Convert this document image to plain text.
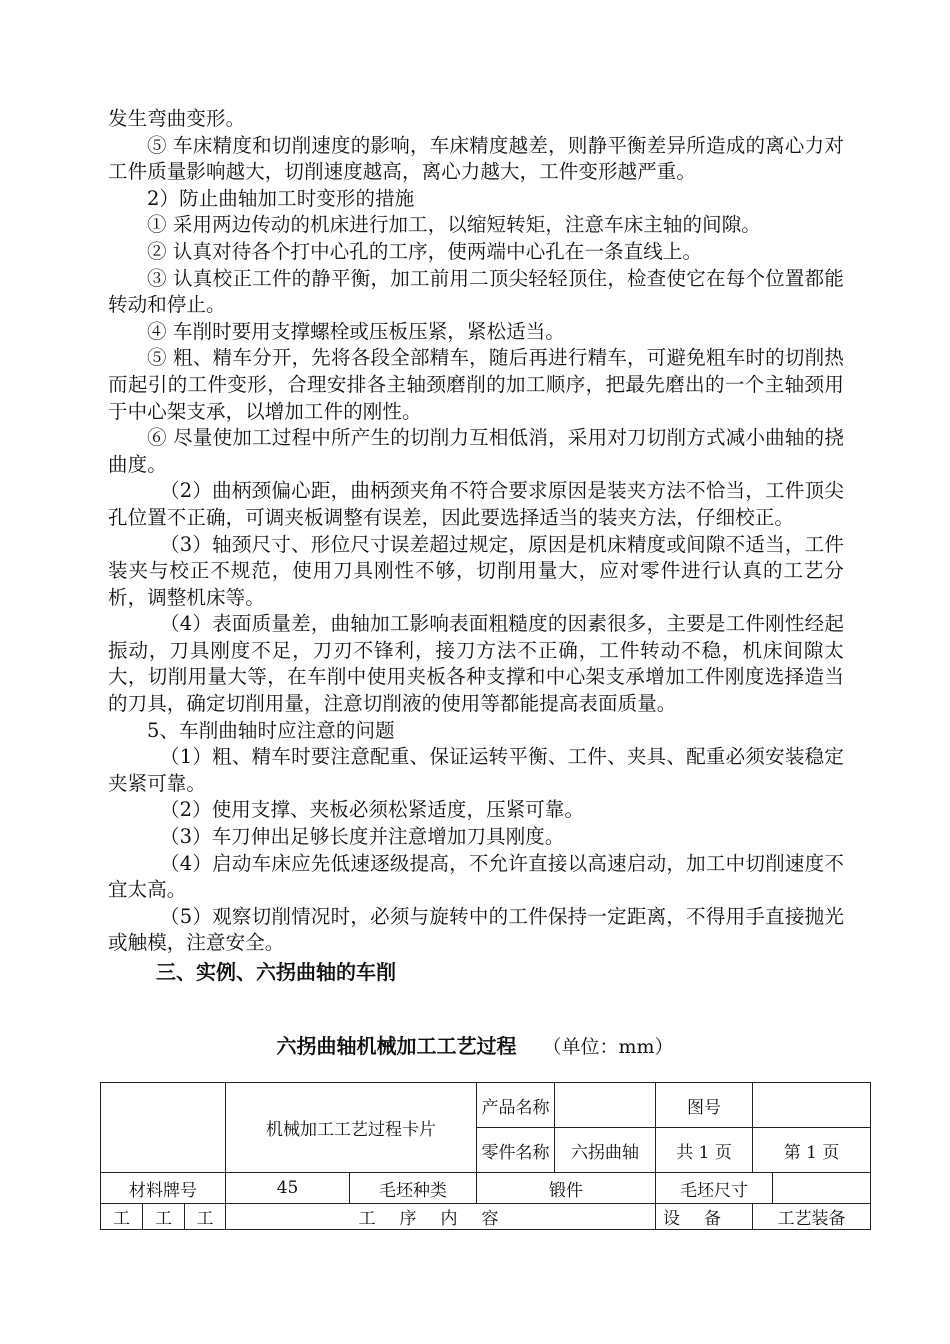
发生弯曲变形。

⑤ 车床精度和切削速度的影响，车床精度越差，则静平衡差异所造成的离心力对工件质量影响越大，切削速度越高，离心力越大，工件变形越严重。

2）防止曲轴加工时变形的措施

① 采用两边传动的机床进行加工，以缩短转矩，注意车床主轴的间隙。

② 认真对待各个打中心孔的工序，使两端中心孔在一条直线上。

③ 认真校正工件的静平衡，加工前用二顶尖轻轻顶住，检查使它在每个位置都能转动和停止。

④ 车削时要用支撑螺栓或压板压紧，紧松适当。

⑤ 粗、精车分开，先将各段全部精车，随后再进行精车，可避免粗车时的切削热而起引的工件变形，合理安排各主轴颈磨削的加工顺序，把最先磨出的一个主轴颈用于中心架支承，以增加工件的刚性。

⑥ 尽量使加工过程中所产生的切削力互相低消，采用对刀切削方式减小曲轴的挠曲度。

（2）曲柄颈偏心距，曲柄颈夹角不符合要求原因是装夹方法不恰当，工件顶尖孔位置不正确，可调夹板调整有误差，因此要选择适当的装夹方法，仔细校正。

（3）轴颈尺寸、形位尺寸误差超过规定，原因是机床精度或间隙不适当，工件装夹与校正不规范，使用刀具刚性不够，切削用量大，应对零件进行认真的工艺分析，调整机床等。

（4）表面质量差，曲轴加工影响表面粗糙度的因素很多，主要是工件刚性经起振动，刀具刚度不足，刀刃不锋利，接刀方法不正确，工件转动不稳，机床间隙太大，切削用量大等，在车削中使用夹板各种支撑和中心架支承增加工件刚度选择造当的刀具，确定切削用量，注意切削液的使用等都能提高表面质量。

5、车削曲轴时应注意的问题

（1）粗、精车时要注意配重、保证运转平衡、工件、夹具、配重必须安装稳定夹紧可靠。

（2）使用支撑、夹板必须松紧适度，压紧可靠。

（3）车刀伸出足够长度并注意增加刀具刚度。

（4）启动车床应先低速逐级提高，不允许直接以高速启动，加工中切削速度不宜太高。

（5）观察切削情况时，必须与旋转中的工件保持一定距离，不得用手直接抛光或触模，注意安全。

三、实例、六拐曲轴的车削

六拐曲轴机械加工工艺过程 （单位：mm）
			机械加工工艺过程卡片		产品名称		图号		
					零件名称	六拐曲轴	共 1 页	第 1 页	
材料牌号			45	毛坯种类	锻件		毛坯尺寸		
工	工	工	工序内容				设备	工艺装备	
